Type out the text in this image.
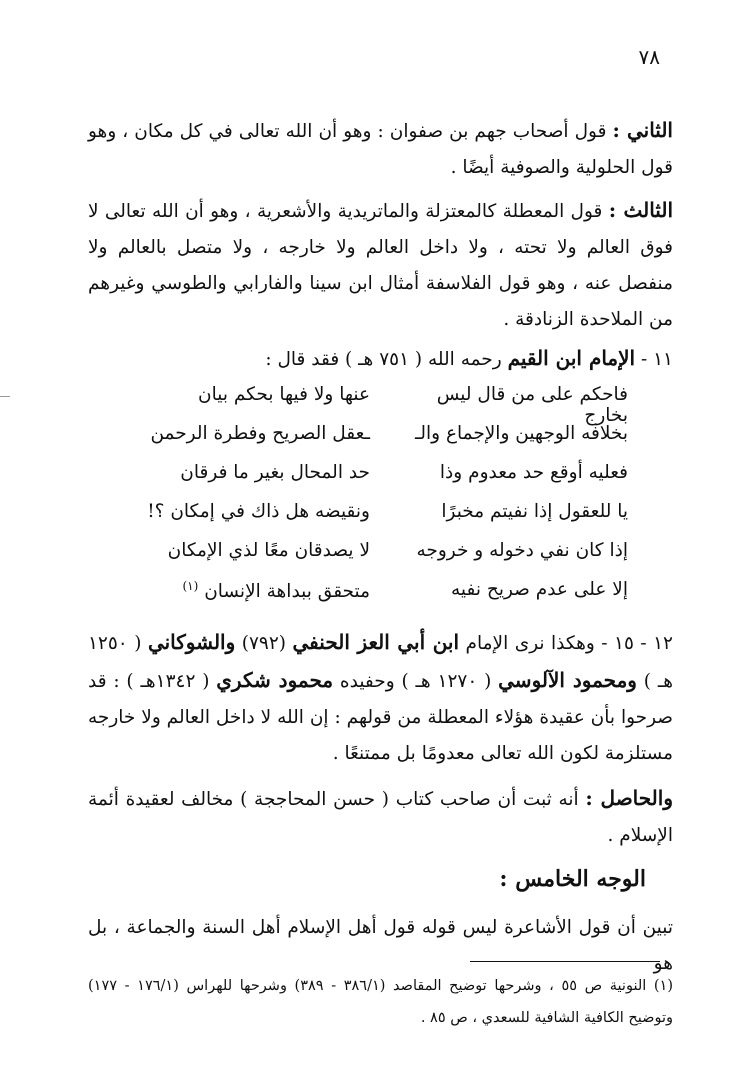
٧٨
الثاني : قول أصحاب جهم بن صفوان : وهو أن الله تعالى في كل مكان ، وهو قول الحلولية والصوفية أيضًا .
الثالث : قول المعطلة كالمعتزلة والماتريدية والأشعرية ، وهو أن الله تعالى لا فوق العالم ولا تحته ، ولا داخل العالم ولا خارجه ، ولا متصل بالعالم ولا منفصل عنه ، وهو قول الفلاسفة أمثال ابن سينا والفارابي والطوسي وغيرهم من الملاحدة الزنادقة .
١١ - الإمام ابن القيم رحمه الله ( ٧٥١ هـ ) فقد قال :
فاحكم على من قال ليس بخارج
عنها ولا فيها بحكم بيان
بخلافه الوجهين والإجماع والـ
ـعقل الصريح وفطرة الرحمن
فعليه أوقع حد معدوم وذا
حد المحال بغير ما فرقان
يا للعقول إذا نفيتم مخبرًا
ونقيضه هل ذاك في إمكان ؟!
إذا كان نفي دخوله و خروجه
لا يصدقان معًا لذي الإمكان
إلا على عدم صريح نفيه
متحقق ببداهة الإنسان $^{(١)}$
١٢ - ١٥ - وهكذا نرى الإمام ابن أبي العز الحنفي (٧٩٢) والشوكاني ( ١٢٥٠ هـ ) ومحمود الآلوسي ( ١٢٧٠ هـ ) وحفيده محمود شكري ( ١٣٤٢هـ ) : قد صرحوا بأن عقيدة هؤلاء المعطلة من قولهم : إن الله لا داخل العالم ولا خارجه مستلزمة لكون الله تعالى معدومًا بل ممتنعًا .
والحاصل : أنه ثبت أن صاحب كتاب ( حسن المحاججة ) مخالف لعقيدة أئمة الإسلام .
الوجه الخامس :
تبين أن قول الأشاعرة ليس قوله قول أهل الإسلام أهل السنة والجماعة ، بل هو
(١) النونية ص ٥٥ ، وشرحها توضيح المقاصد (٣٨٦/١ - ٣٨٩) وشرحها للهراس (١٧٦/١ - ١٧٧) وتوضيح الكافية الشافية للسعدي ، ص ٨٥ .
